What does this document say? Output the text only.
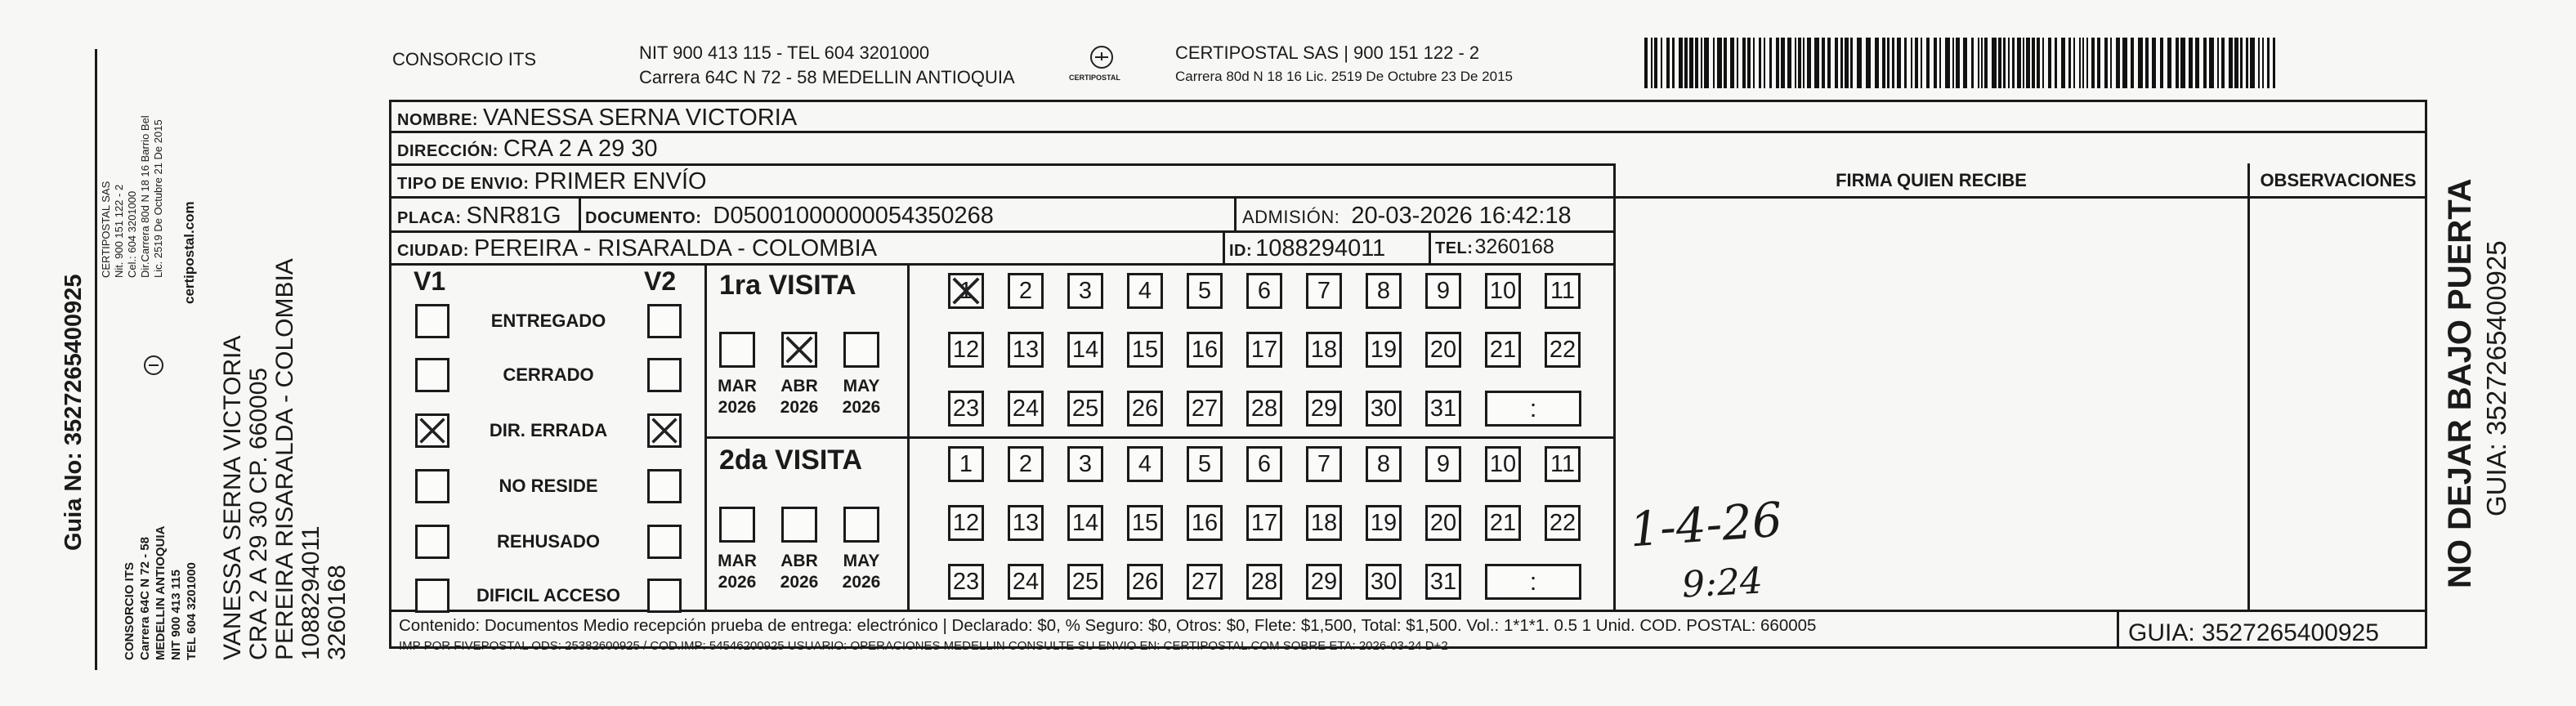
Guia No: 3527265400925
CONSORCIO ITS Carrera 64C N 72 - 58 MEDELLIN ANTIOQUIA NIT 900 413 115 TEL 604 3201000
CERTIPOSTAL SAS Nit. 900 151 122 - 2 Cel.: 604 3201000 Dir.Carrera 80d N 18 16 Barrio Bel Lic. 2519 De Octubre 21 De 2015 certipostal.com
VANESSA SERNA VICTORIA CRA 2 A 29 30 CP. 660005 PEREIRA RISARALDA - COLOMBIA 1088294011 3260168
CONSORCIO ITS	NIT 900 413 115 - TEL 604 3201000
Carrera 64C N 72 - 58 MEDELLIN ANTIOQUIA	CERTIPOSTAL
CERTIPOSTAL SAS | 900 151 122 - 2
Carrera 80d N 18 16 Lic. 2519 De Octubre 23 De 2015
NOMBRE: VANESSA SERNA VICTORIA
DIRECCIÓN: CRA 2 A 29 30
TIPO DE ENVIO: PRIMER ENVÍO
PLACA: SNR81G DOCUMENTO: D05001000000054350268	ADMISIÓN: 20-03-2026 16:42:18
CIUDAD: PEREIRA - RISARALDA - COLOMBIA	ID: 1088294011	TEL: 3260168
FIRMA QUIEN RECIBE	OBSERVACIONES
1-4-26
9:24
V1	V2
ENTREGADO
CERRADO
DIR. ERRADA
NO RESIDE
REHUSADO
DIFICIL ACCESO
1ra VISITA
MAR
2026
ABR
2026
MAY
2026
2da VISITA
MAR
2026
ABR
2026
MAY
2026
1 2 3 4 5 6 7 8 9 10 11
12 13 14 15 16 17 18 19 20 21 22
23 24 25 26 27 28 29 30 31	:
1 2 3 4 5 6 7 8 9 10 11
12 13 14 15 16 17 18 19 20 21 22
23 24 25 26 27 28 29 30 31	:
Contenido: Documentos Medio recepción prueba de entrega: electrónico | Declarado: $0, % Seguro: $0, Otros: $0, Flete: $1,500, Total: $1,500. Vol.: 1*1*1. 0.5 1 Unid. COD. POSTAL: 660005
IMP POR FIVEPOSTAL ODS: 25382600925 / COD.IMP: 54546200925 USUARIO: OPERACIONES MEDELLIN CONSULTE SU ENVIO EN: CERTIPOSTAL.COM SOBRE ETA: 2026-03-24 D+2	GUIA: 3527265400925
NO DEJAR BAJO PUERTA GUIA: 3527265400925
